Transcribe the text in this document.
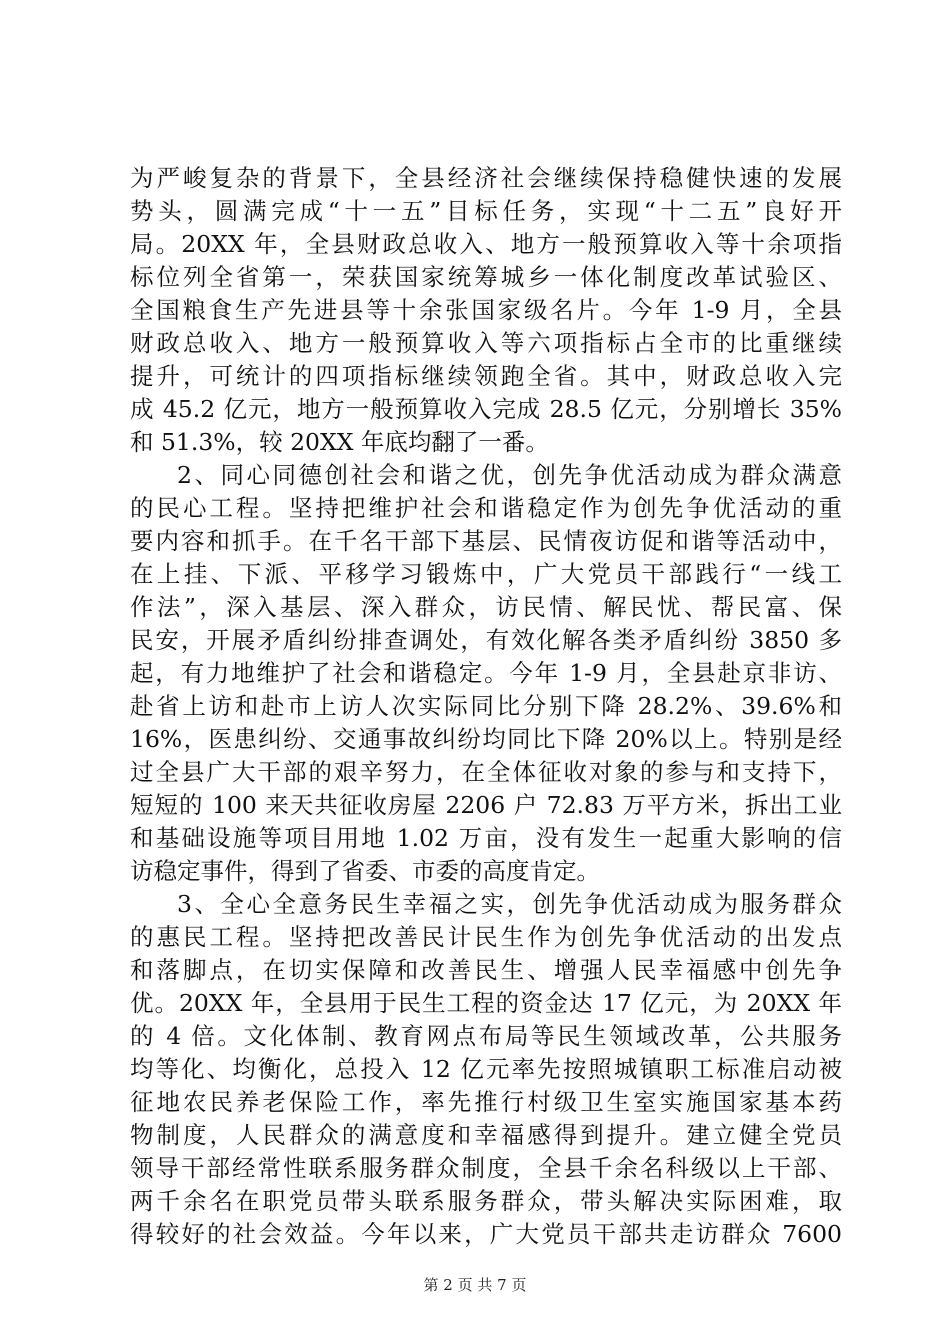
为严峻复杂的背景下，全县经济社会继续保持稳健快速的发展
势头，圆满完成“十一五”目标任务，实现“十二五”良好开
局。20XX 年，全县财政总收入、地方一般预算收入等十余项指
标位列全省第一，荣获国家统筹城乡一体化制度改革试验区、
全国粮食生产先进县等十余张国家级名片。今年 1-9 月，全县
财政总收入、地方一般预算收入等六项指标占全市的比重继续
提升，可统计的四项指标继续领跑全省。其中，财政总收入完
成 45.2 亿元，地方一般预算收入完成 28.5 亿元，分别增长 35%
和 51.3%，较 20XX 年底均翻了一番。
2、同心同德创社会和谐之优，创先争优活动成为群众满意
的民心工程。坚持把维护社会和谐稳定作为创先争优活动的重
要内容和抓手。在千名干部下基层、民情夜访促和谐等活动中，
在上挂、下派、平移学习锻炼中，广大党员干部践行“一线工
作法”，深入基层、深入群众，访民情、解民忧、帮民富、保
民安，开展矛盾纠纷排查调处，有效化解各类矛盾纠纷 3850 多
起，有力地维护了社会和谐稳定。今年 1-9 月，全县赴京非访、
赴省上访和赴市上访人次实际同比分别下降 28.2%、39.6%和
16%，医患纠纷、交通事故纠纷均同比下降 20%以上。特别是经
过全县广大干部的艰辛努力，在全体征收对象的参与和支持下，
短短的 100 来天共征收房屋 2206 户 72.83 万平方米，拆出工业
和基础设施等项目用地 1.02 万亩，没有发生一起重大影响的信
访稳定事件，得到了省委、市委的高度肯定。
3、全心全意务民生幸福之实，创先争优活动成为服务群众
的惠民工程。坚持把改善民计民生作为创先争优活动的出发点
和落脚点，在切实保障和改善民生、增强人民幸福感中创先争
优。20XX 年，全县用于民生工程的资金达 17 亿元，为 20XX 年
的 4 倍。文化体制、教育网点布局等民生领域改革，公共服务
均等化、均衡化，总投入 12 亿元率先按照城镇职工标准启动被
征地农民养老保险工作，率先推行村级卫生室实施国家基本药
物制度，人民群众的满意度和幸福感得到提升。建立健全党员
领导干部经常性联系服务群众制度，全县千余名科级以上干部、
两千余名在职党员带头联系服务群众，带头解决实际困难，取
得较好的社会效益。今年以来，广大党员干部共走访群众 7600
第 2 页 共 7 页
